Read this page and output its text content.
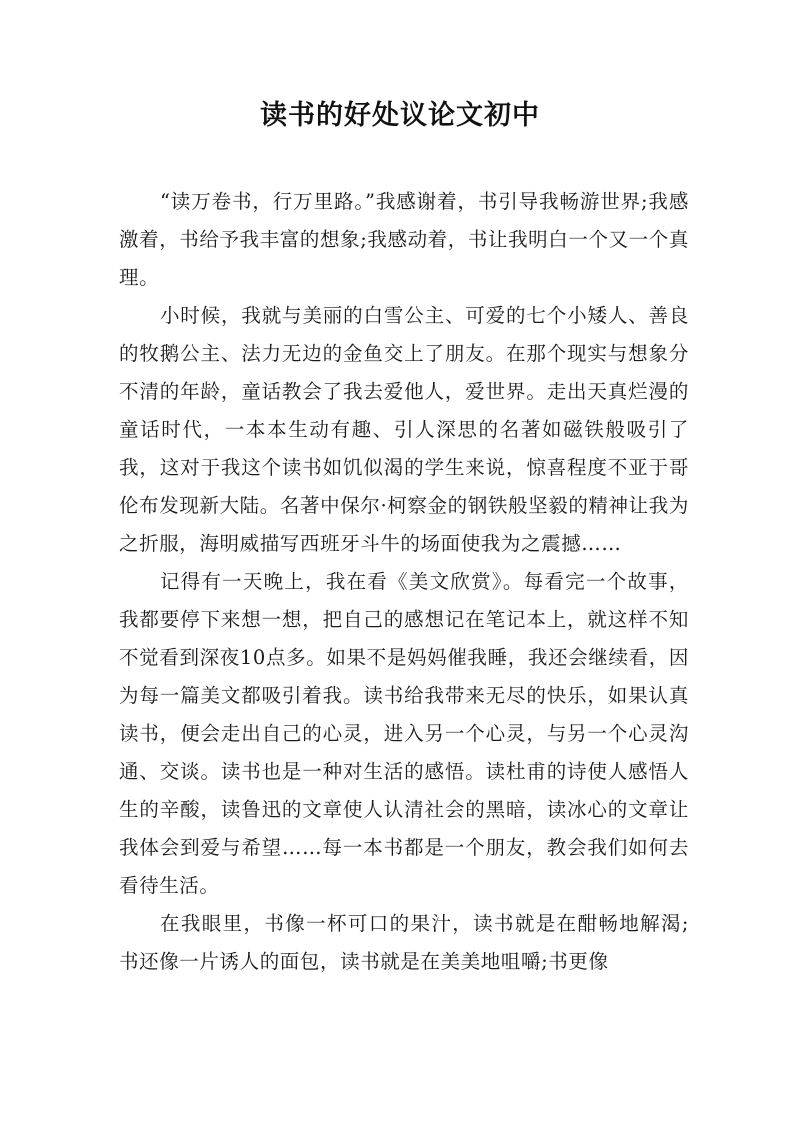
读书的好处议论文初中

“读万卷书，行万里路。”我感谢着，书引导我畅游世界;我感激着，书给予我丰富的想象;我感动着，书让我明白一个又一个真理。

小时候，我就与美丽的白雪公主、可爱的七个小矮人、善良的牧鹅公主、法力无边的金鱼交上了朋友。在那个现实与想象分不清的年龄，童话教会了我去爱他人，爱世界。走出天真烂漫的童话时代，一本本生动有趣、引人深思的名著如磁铁般吸引了我，这对于我这个读书如饥似渴的学生来说，惊喜程度不亚于哥伦布发现新大陆。名著中保尔·柯察金的钢铁般坚毅的精神让我为之折服，海明威描写西班牙斗牛的场面使我为之震撼……

记得有一天晚上，我在看《美文欣赏》。每看完一个故事，我都要停下来想一想，把自己的感想记在笔记本上，就这样不知不觉看到深夜10点多。如果不是妈妈催我睡，我还会继续看，因为每一篇美文都吸引着我。读书给我带来无尽的快乐，如果认真读书，便会走出自己的心灵，进入另一个心灵，与另一个心灵沟通、交谈。读书也是一种对生活的感悟。读杜甫的诗使人感悟人生的辛酸，读鲁迅的文章使人认清社会的黑暗，读冰心的文章让我体会到爱与希望……每一本书都是一个朋友，教会我们如何去看待生活。

在我眼里，书像一杯可口的果汁，读书就是在酣畅地解渴;书还像一片诱人的面包，读书就是在美美地咀嚼;书更像
